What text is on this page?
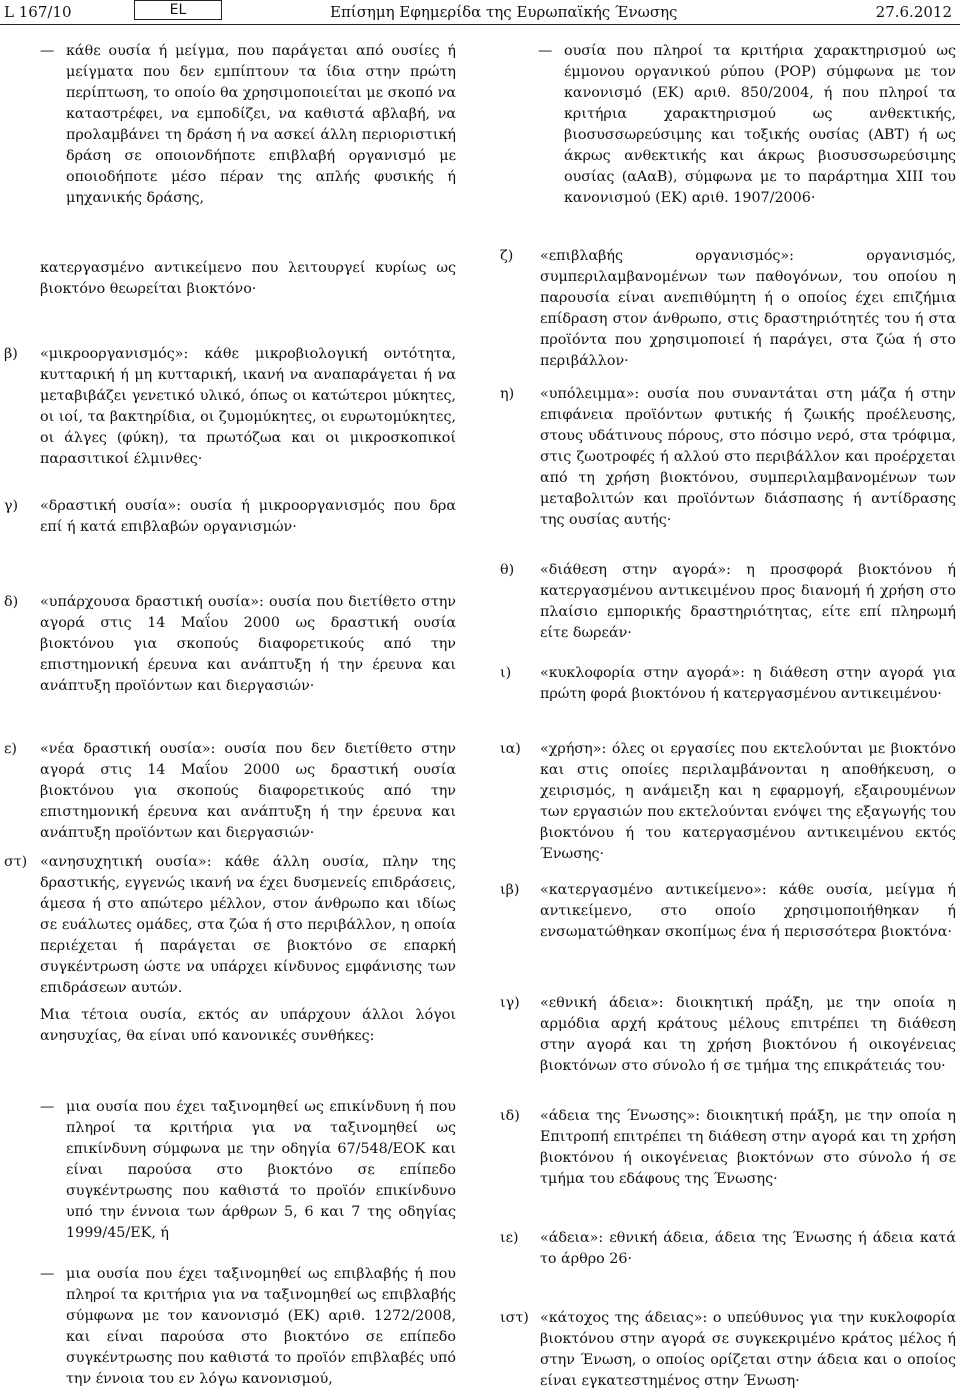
L 167/10	EL	Επίσημη Εφημερίδα της Ευρωπαϊκής Ένωσης	27.6.2012
— κάθε ουσία ή μείγμα, που παράγεται από ουσίες ή μείγματα που δεν εμπίπτουν τα ίδια στην πρώτη περίπτωση, το οποίο θα χρησιμοποιείται με σκοπό να καταστρέφει, να εμποδίζει, να καθιστά αβλαβή, να προλαμβάνει τη δράση ή να ασκεί άλλη περιοριστική δράση σε οποιονδήποτε επιβλαβή οργανισμό με οποιοδήποτε μέσο πέραν της απλής φυσικής ή μηχανικής δράσης,
— ουσία που πληροί τα κριτήρια χαρακτηρισμού ως έμμονου οργανικού ρύπου (POP) σύμφωνα με τον κανονισμό (ΕΚ) αριθ. 850/2004, ή που πληροί τα κριτήρια χαρακτηρισμού ως ανθεκτικής, βιοσυσσωρεύσιμης και τοξικής ουσίας (ΑΒΤ) ή ως άκρως ανθεκτικής και άκρως βιοσυσσωρεύσιμης ουσίας (αΑαΒ), σύμφωνα με το παράρτημα XIII του κανονισμού (ΕΚ) αριθ. 1907/2006·

κατεργασμένο αντικείμενο που λειτουργεί κυρίως ως βιοκτόνο θεωρείται βιοκτόνο·

β) «μικροοργανισμός»: κάθε μικροβιολογική οντότητα, κυτταρική ή μη κυτταρική, ικανή να αναπαράγεται ή να μεταβιβάζει γενετικό υλικό, όπως οι κατώτεροι μύκητες, οι ιοί, τα βακτηρίδια, οι ζυμομύκητες, οι ευρωτομύκητες, οι άλγες (φύκη), τα πρωτόζωα και οι μικροσκοπικοί παρασιτικοί έλμινθες·
γ) «δραστική ουσία»: ουσία ή μικροοργανισμός που δρα επί ή κατά επιβλαβών οργανισμών·
δ) «υπάρχουσα δραστική ουσία»: ουσία που διετίθετο στην αγορά στις 14 Μαΐου 2000 ως δραστική ουσία βιοκτόνου για σκοπούς διαφορετικούς από την επιστημονική έρευνα και ανάπτυξη ή την έρευνα και ανάπτυξη προϊόντων και διεργασιών·
ε) «νέα δραστική ουσία»: ουσία που δεν διετίθετο στην αγορά στις 14 Μαΐου 2000 ως δραστική ουσία βιοκτόνου για σκοπούς διαφορετικούς από την επιστημονική έρευνα και ανάπτυξη ή την έρευνα και ανάπτυξη προϊόντων και διεργασιών·
στ) «ανησυχητική ουσία»: κάθε άλλη ουσία, πλην της δραστικής, εγγενώς ικανή να έχει δυσμενείς επιδράσεις, άμεσα ή στο απώτερο μέλλον, στον άνθρωπο και ιδίως σε ευάλωτες ομάδες, στα ζώα ή στο περιβάλλον, η οποία περιέχεται ή παράγεται σε βιοκτόνο σε επαρκή συγκέντρωση ώστε να υπάρχει κίνδυνος εμφάνισης των επιδράσεων αυτών.
Μια τέτοια ουσία, εκτός αν υπάρχουν άλλοι λόγοι ανησυχίας, θα είναι υπό κανονικές συνθήκες:
— μια ουσία που έχει ταξινομηθεί ως επικίνδυνη ή που πληροί τα κριτήρια για να ταξινομηθεί ως επικίνδυνη σύμφωνα με την οδηγία 67/548/ΕΟΚ και είναι παρούσα στο βιοκτόνο σε επίπεδο συγκέντρωσης που καθιστά το προϊόν επικίνδυνο υπό την έννοια των άρθρων 5, 6 και 7 της οδηγίας 1999/45/ΕΚ, ή
— μια ουσία που έχει ταξινομηθεί ως επιβλαβής ή που πληροί τα κριτήρια για να ταξινομηθεί ως επιβλαβής σύμφωνα με τον κανονισμό (ΕΚ) αριθ. 1272/2008, και είναι παρούσα στο βιοκτόνο σε επίπεδο συγκέντρωσης που καθιστά το προϊόν επιβλαβές υπό την έννοια του εν λόγω κανονισμού,
ζ) «επιβλαβής οργανισμός»: οργανισμός, συμπεριλαμβανομένων των παθογόνων, του οποίου η παρουσία είναι ανεπιθύμητη ή ο οποίος έχει επιζήμια επίδραση στον άνθρωπο, στις δραστηριότητές του ή στα προϊόντα που χρησιμοποιεί ή παράγει, στα ζώα ή στο περιβάλλον·
η) «υπόλειμμα»: ουσία που συναντάται στη μάζα ή στην επιφάνεια προϊόντων φυτικής ή ζωικής προέλευσης, στους υδάτινους πόρους, στο πόσιμο νερό, στα τρόφιμα, στις ζωοτροφές ή αλλού στο περιβάλλον και προέρχεται από τη χρήση βιοκτόνου, συμπεριλαμβανομένων των μεταβολιτών και προϊόντων διάσπασης ή αντίδρασης της ουσίας αυτής·
θ) «διάθεση στην αγορά»: η προσφορά βιοκτόνου ή κατεργασμένου αντικειμένου προς διανομή ή χρήση στο πλαίσιο εμπορικής δραστηριότητας, είτε επί πληρωμή είτε δωρεάν·
ι) «κυκλοφορία στην αγορά»: η διάθεση στην αγορά για πρώτη φορά βιοκτόνου ή κατεργασμένου αντικειμένου·
ια) «χρήση»: όλες οι εργασίες που εκτελούνται με βιοκτόνο και στις οποίες περιλαμβάνονται η αποθήκευση, ο χειρισμός, η ανάμειξη και η εφαρμογή, εξαιρουμένων των εργασιών που εκτελούνται ενόψει της εξαγωγής του βιοκτόνου ή του κατεργασμένου αντικειμένου εκτός Ένωσης·
ιβ) «κατεργασμένο αντικείμενο»: κάθε ουσία, μείγμα ή αντικείμενο, στο οποίο χρησιμοποιήθηκαν ή ενσωματώθηκαν σκοπίμως ένα ή περισσότερα βιοκτόνα·
ιγ) «εθνική άδεια»: διοικητική πράξη, με την οποία η αρμόδια αρχή κράτους μέλους επιτρέπει τη διάθεση στην αγορά και τη χρήση βιοκτόνου ή οικογένειας βιοκτόνων στο σύνολο ή σε τμήμα της επικράτειάς του·
ιδ) «άδεια της Ένωσης»: διοικητική πράξη, με την οποία η Επιτροπή επιτρέπει τη διάθεση στην αγορά και τη χρήση βιοκτόνου ή οικογένειας βιοκτόνων στο σύνολο ή σε τμήμα του εδάφους της Ένωσης·
ιε) «άδεια»: εθνική άδεια, άδεια της Ένωσης ή άδεια κατά το άρθρο 26·
ιστ) «κάτοχος της άδειας»: ο υπεύθυνος για την κυκλοφορία βιοκτόνου στην αγορά σε συγκεκριμένο κράτος μέλος ή στην Ένωση, ο οποίος ορίζεται στην άδεια και ο οποίος είναι εγκατεστημένος στην Ένωση·
